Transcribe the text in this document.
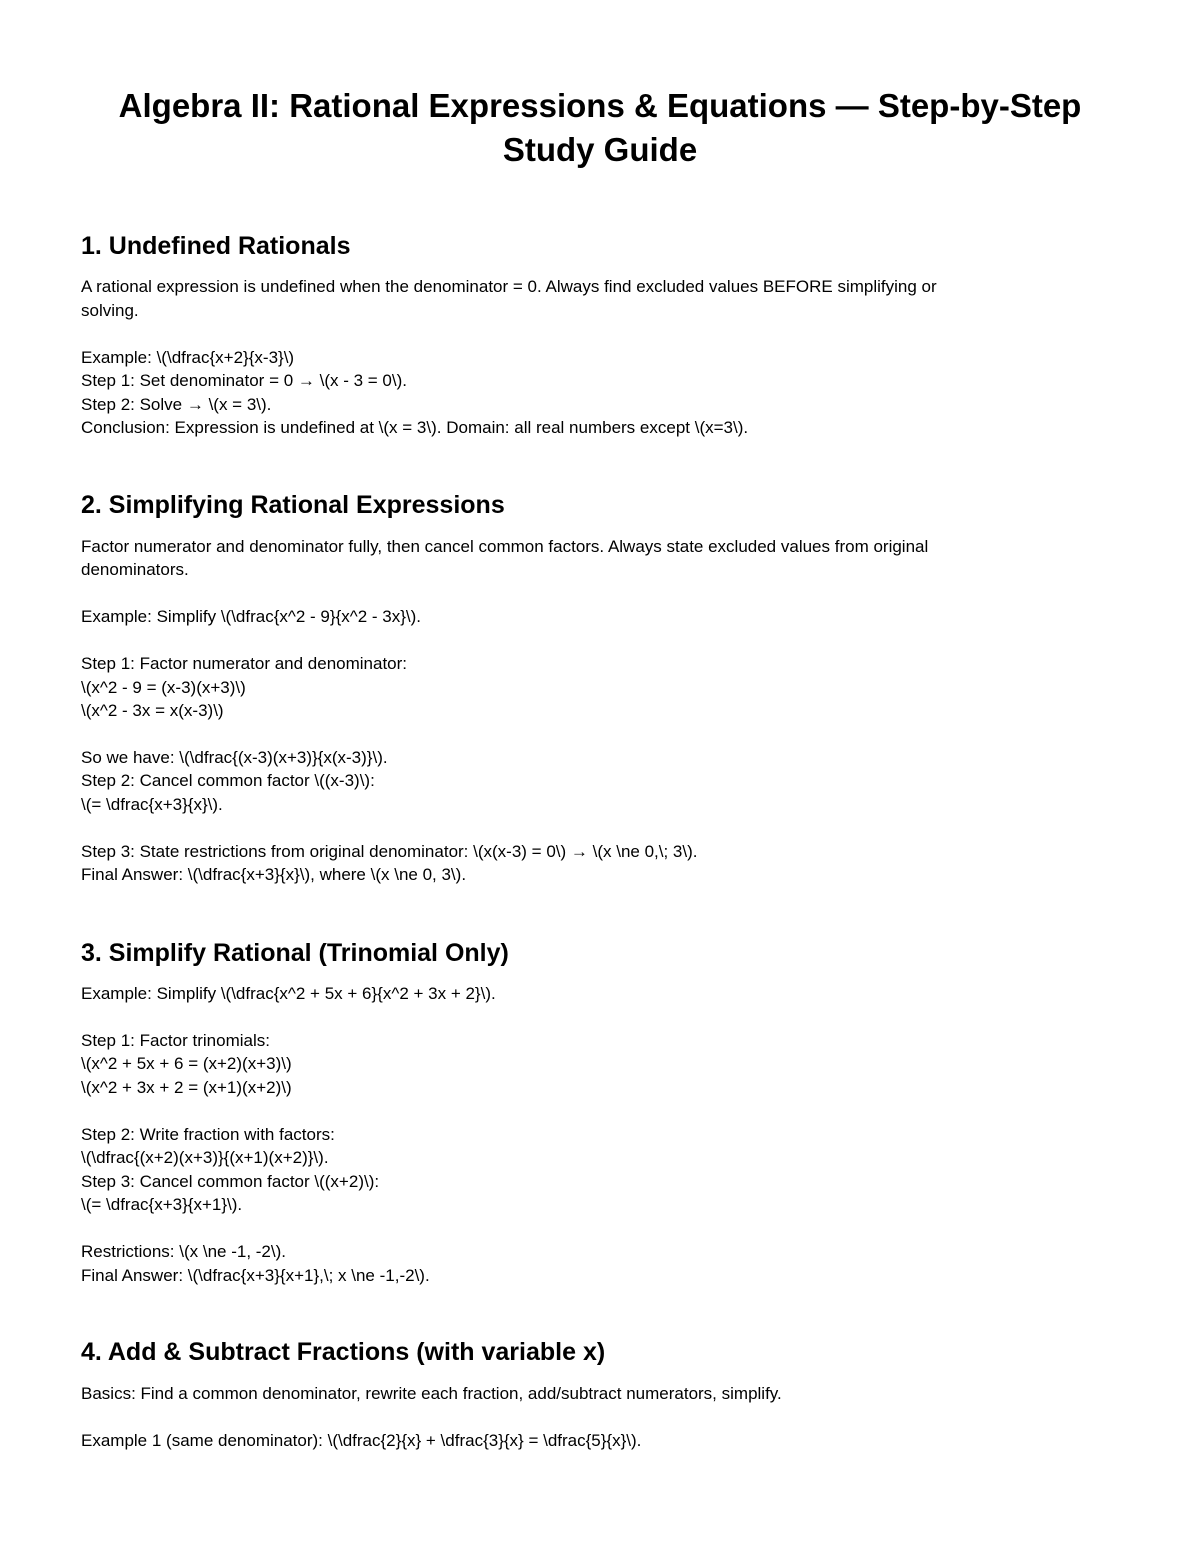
Algebra II: Rational Expressions & Equations — Step-by-Step
Study Guide
1. Undefined Rationals

A rational expression is undefined when the denominator = 0. Always find excluded values BEFORE simplifying or

solving.

Example: \(\dfrac{x+2}{x-3}\)

Step 1: Set denominator = 0 → \(x - 3 = 0\).

Step 2: Solve → \(x = 3\).

Conclusion: Expression is undefined at \(x = 3\). Domain: all real numbers except \(x=3\).

2. Simplifying Rational Expressions

Factor numerator and denominator fully, then cancel common factors. Always state excluded values from original

denominators.

Example: Simplify \(\dfrac{x^2 - 9}{x^2 - 3x}\).

Step 1: Factor numerator and denominator:

\(x^2 - 9 = (x-3)(x+3)\)

\(x^2 - 3x = x(x-3)\)

So we have: \(\dfrac{(x-3)(x+3)}{x(x-3)}\).

Step 2: Cancel common factor \((x-3)\):

\(= \dfrac{x+3}{x}\).

Step 3: State restrictions from original denominator: \(x(x-3) = 0\) → \(x \ne 0,\; 3\).

Final Answer: \(\dfrac{x+3}{x}\), where \(x \ne 0, 3\).

3. Simplify Rational (Trinomial Only)

Example: Simplify \(\dfrac{x^2 + 5x + 6}{x^2 + 3x + 2}\).

Step 1: Factor trinomials:

\(x^2 + 5x + 6 = (x+2)(x+3)\)

\(x^2 + 3x + 2 = (x+1)(x+2)\)

Step 2: Write fraction with factors:

\(\dfrac{(x+2)(x+3)}{(x+1)(x+2)}\).

Step 3: Cancel common factor \((x+2)\):

\(= \dfrac{x+3}{x+1}\).

Restrictions: \(x \ne -1, -2\).

Final Answer: \(\dfrac{x+3}{x+1},\; x \ne -1,-2\).

4. Add & Subtract Fractions (with variable x)

Basics: Find a common denominator, rewrite each fraction, add/subtract numerators, simplify.

Example 1 (same denominator): \(\dfrac{2}{x} + \dfrac{3}{x} = \dfrac{5}{x}\).
